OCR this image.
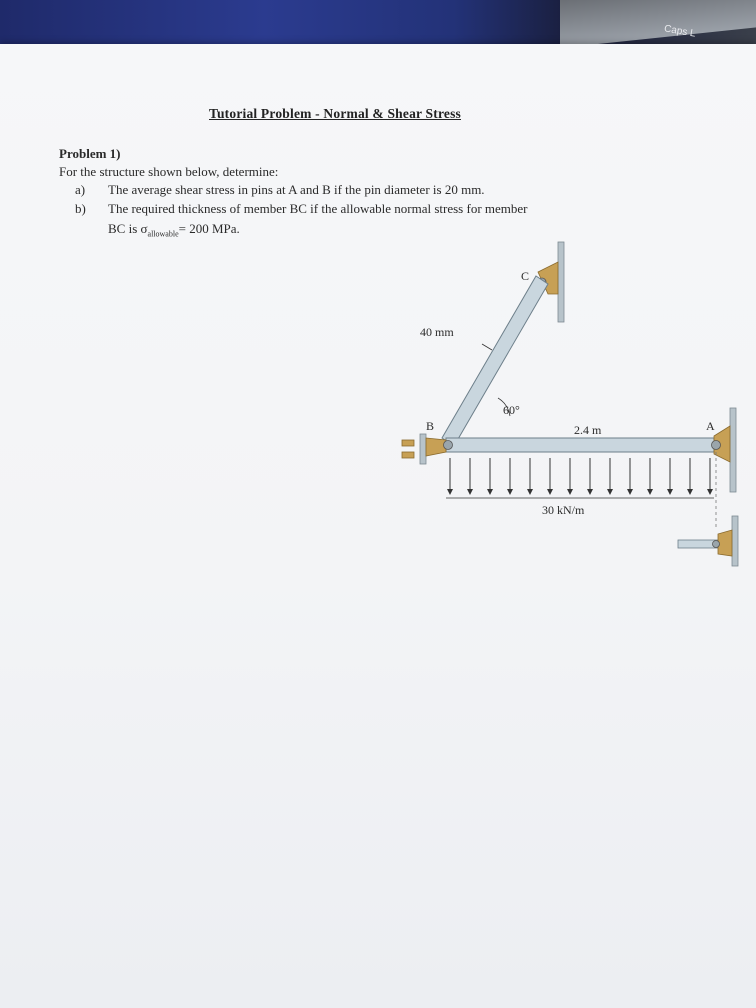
Caps L
Tutorial Problem - Normal & Shear Stress
Problem 1)
For the structure shown below, determine:
a) The average shear stress in pins at A and B if the pin diameter is 20 mm.
b) The required thickness of member BC if the allowable normal stress for member
BC is $\sigma_{allowable}= 200$ MPa.
C
B	A
40 mm
60°
2.4 m
30 kN/m
